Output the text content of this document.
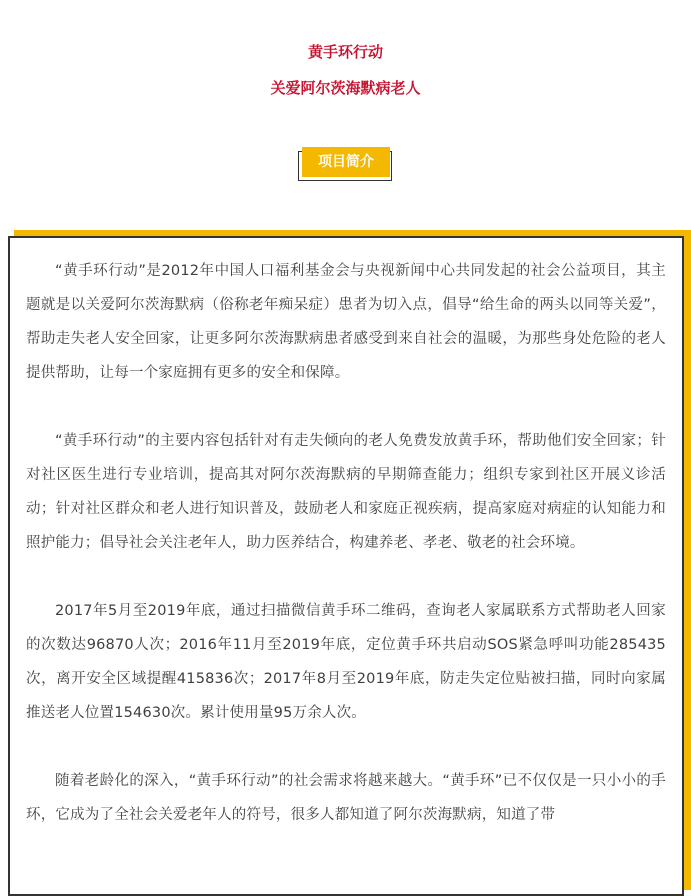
黄手环行动
关爱阿尔茨海默病老人
项目简介

“黄手环行动”是2012年中国人口福利基金会与央视新闻中心共同发起的社会公益项目，其主题就是以关爱阿尔茨海默病（俗称老年痴呆症）患者为切入点，倡导“给生命的两头以同等关爱”，帮助走失老人安全回家，让更多阿尔茨海默病患者感受到来自社会的温暖，为那些身处危险的老人提供帮助，让每一个家庭拥有更多的安全和保障。

“黄手环行动”的主要内容包括针对有走失倾向的老人免费发放黄手环，帮助他们安全回家；针对社区医生进行专业培训，提高其对阿尔茨海默病的早期筛查能力；组织专家到社区开展义诊活动；针对社区群众和老人进行知识普及，鼓励老人和家庭正视疾病，提高家庭对病症的认知能力和照护能力；倡导社会关注老年人，助力医养结合，构建养老、孝老、敬老的社会环境。

2017年5月至2019年底，通过扫描微信黄手环二维码，查询老人家属联系方式帮助老人回家的次数达96870人次；2016年11月至2019年底，定位黄手环共启动SOS紧急呼叫功能285435次，离开安全区域提醒415836次；2017年8月至2019年底，防走失定位贴被扫描，同时向家属推送老人位置154630次。累计使用量95万余人次。

随着老龄化的深入，“黄手环行动”的社会需求将越来越大。“黄手环”已不仅仅是一只小小的手环，它成为了全社会关爱老年人的符号，很多人都知道了阿尔茨海默病，知道了带
